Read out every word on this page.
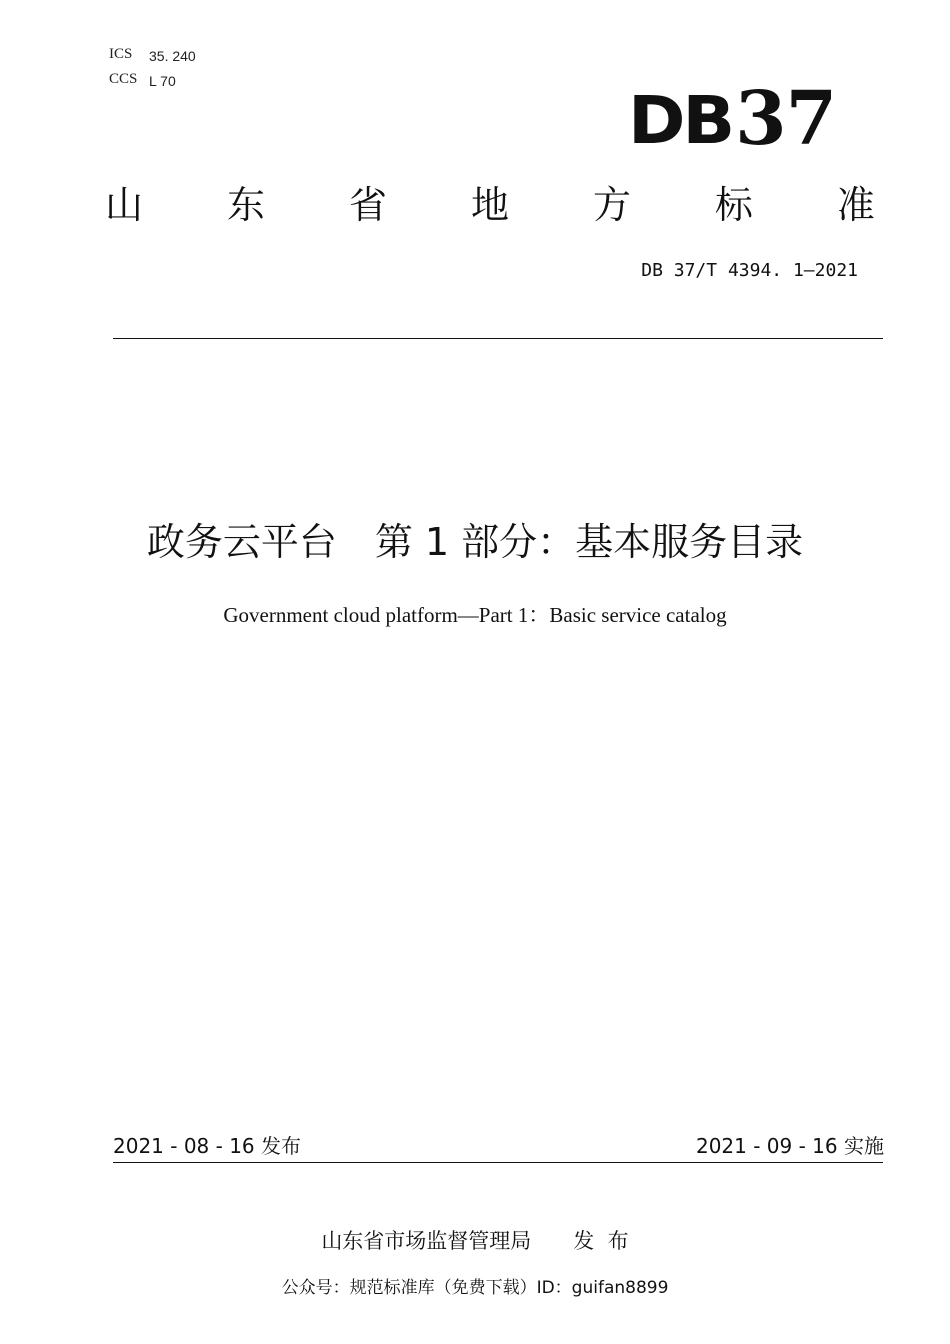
ICS 35. 240
CCS L 70
DB 37
山 东 省 地 方 标 准
DB 37/T 4394. 1—2021
政务云平台　第 1 部分：基本服务目录
Government cloud platform—Part 1：Basic service catalog
2021 - 08 - 16 发布	2021 - 09 - 16 实施
山东省市场监督管理局　　发  布
公众号：规范标准库（免费下载）ID：guifan8899
